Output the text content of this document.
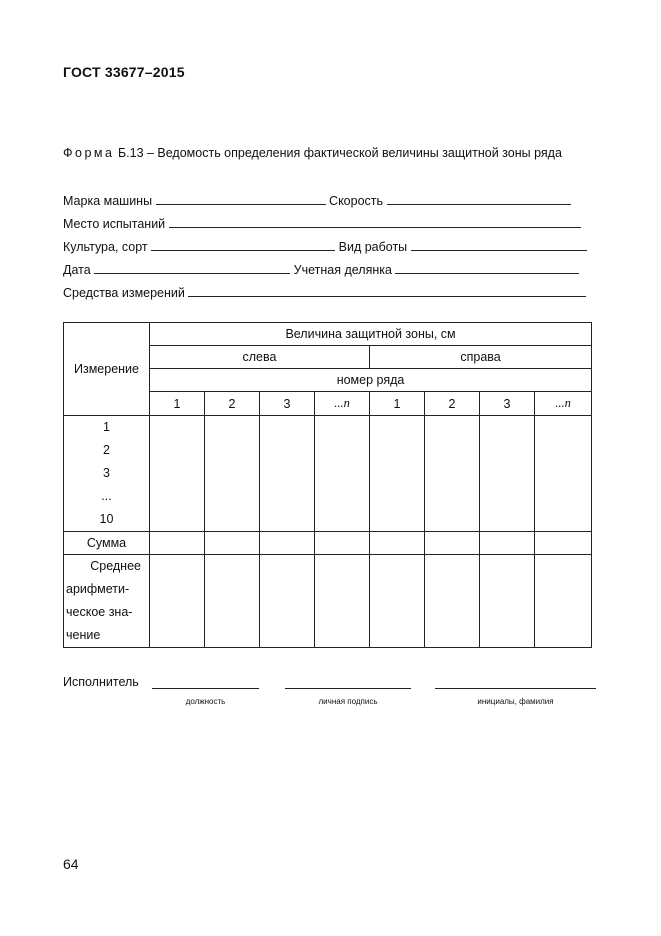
ГОСТ 33677–2015
Форма Б.13 – Ведомость определения фактической величины защитной зоны ряда
Марка машины	Скорость
Место испытаний
Культура, сорт	Вид работы
Дата	Учетная делянка
Средства измерений
Измерение	Величина защитной зоны, см							
	слева				справа			
	номер ряда							
	1	2	3	...n	1	2	3	...n

1
2
3
...
10								

Сумма								

Среднее
арифмети-
ческое зна-
чение								

Исполнитель
должность	личная подпись	инициалы, фамилия
64
